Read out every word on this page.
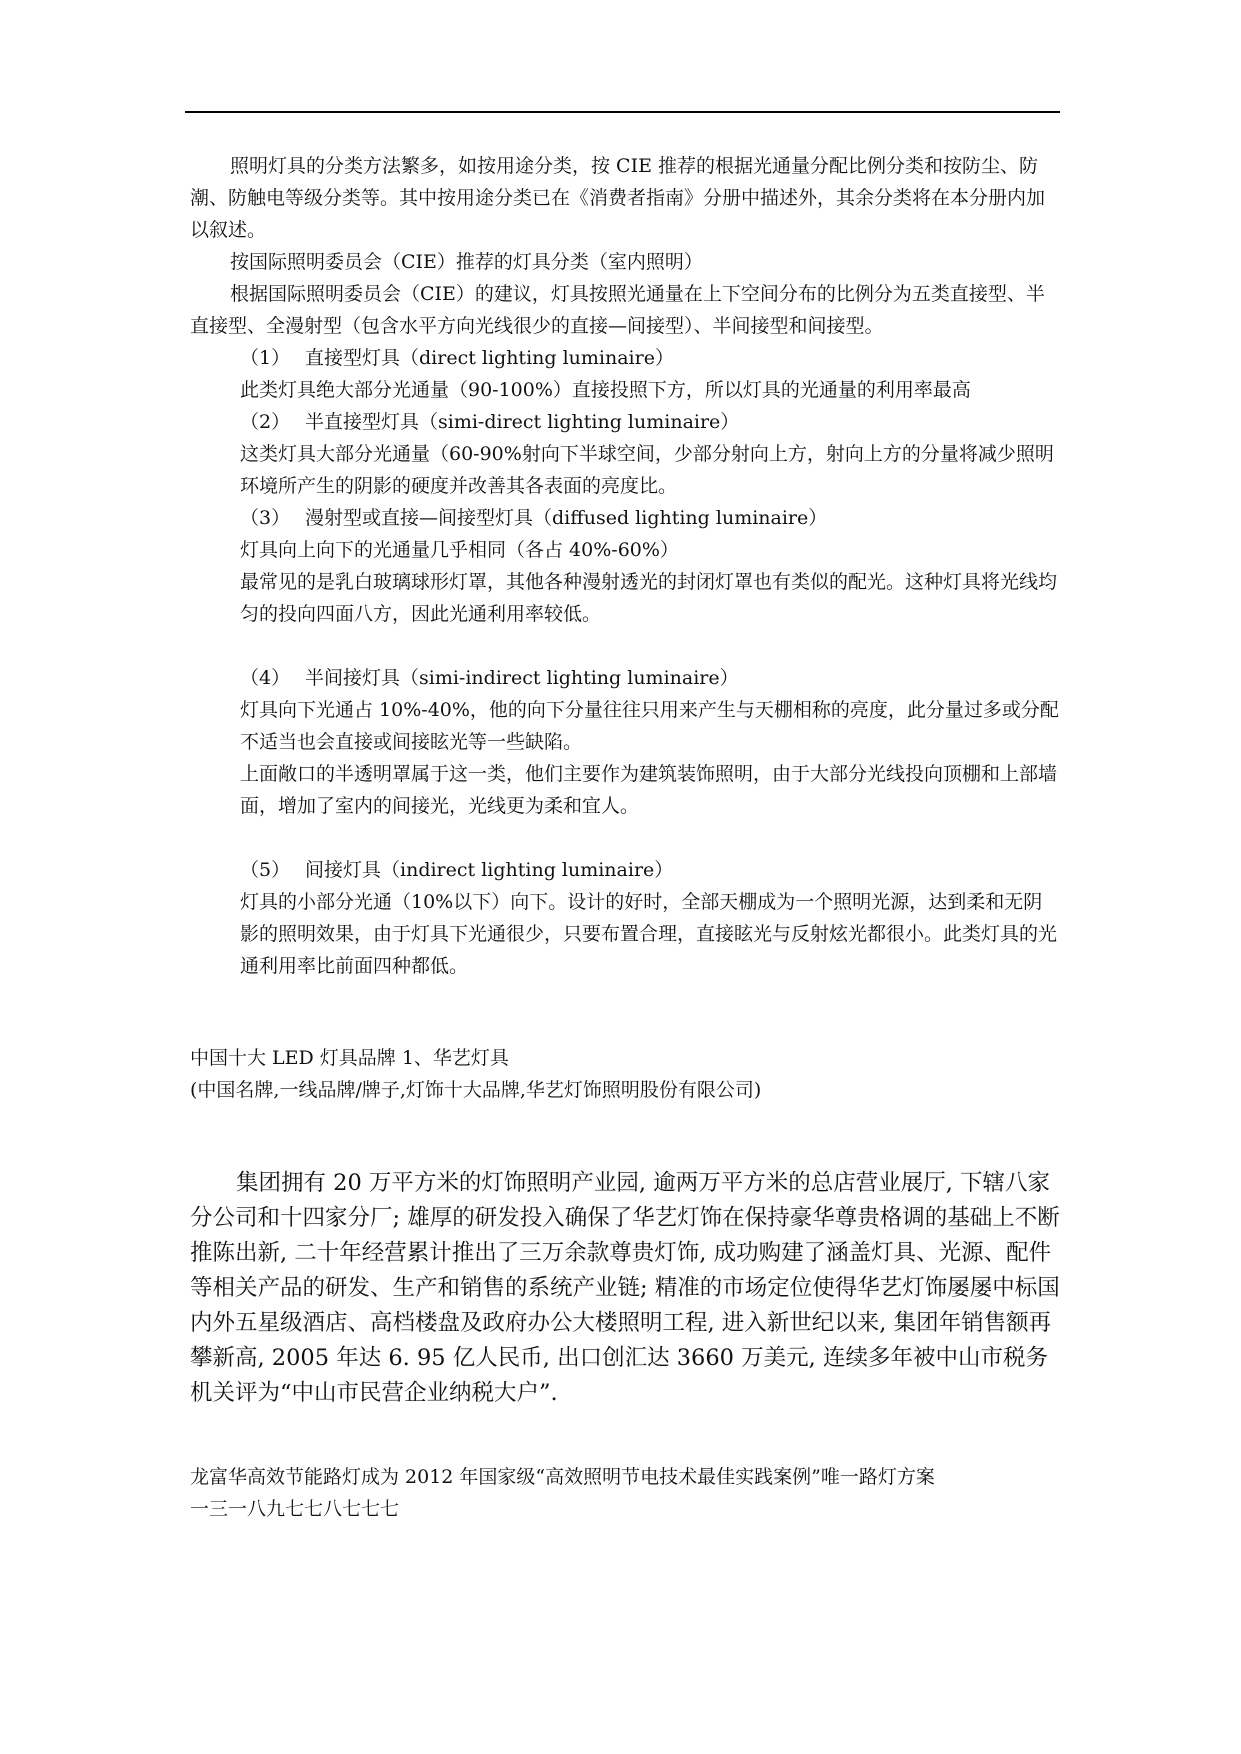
照明灯具的分类方法繁多，如按用途分类，按 CIE 推荐的根据光通量分配比例分类和按防尘、防潮、防触电等级分类等。其中按用途分类已在《消费者指南》分册中描述外，其余分类将在本分册内加以叙述。

按国际照明委员会（CIE）推荐的灯具分类（室内照明）

根据国际照明委员会（CIE）的建议，灯具按照光通量在上下空间分布的比例分为五类直接型、半直接型、全漫射型（包含水平方向光线很少的直接—间接型）、半间接型和间接型。

（1） 直接型灯具（direct lighting luminaire）

此类灯具绝大部分光通量（90-100%）直接投照下方，所以灯具的光通量的利用率最高

（2） 半直接型灯具（simi-direct lighting luminaire）

这类灯具大部分光通量（60-90%射向下半球空间，少部分射向上方，射向上方的分量将减少照明环境所产生的阴影的硬度并改善其各表面的亮度比。

（3） 漫射型或直接—间接型灯具（diffused lighting luminaire）

灯具向上向下的光通量几乎相同（各占 40%-60%）

最常见的是乳白玻璃球形灯罩，其他各种漫射透光的封闭灯罩也有类似的配光。这种灯具将光线均匀的投向四面八方，因此光通利用率较低。

（4） 半间接灯具（simi-indirect lighting luminaire）

灯具向下光通占 10%-40%，他的向下分量往往只用来产生与天棚相称的亮度，此分量过多或分配不适当也会直接或间接眩光等一些缺陷。

上面敞口的半透明罩属于这一类，他们主要作为建筑装饰照明，由于大部分光线投向顶棚和上部墙面，增加了室内的间接光，光线更为柔和宜人。

（5） 间接灯具（indirect lighting luminaire）

灯具的小部分光通（10%以下）向下。设计的好时，全部天棚成为一个照明光源，达到柔和无阴影的照明效果，由于灯具下光通很少，只要布置合理，直接眩光与反射炫光都很小。此类灯具的光通利用率比前面四种都低。

中国十大 LED 灯具品牌 1、华艺灯具

(中国名牌,一线品牌/牌子,灯饰十大品牌,华艺灯饰照明股份有限公司)

集团拥有 20 万平方米的灯饰照明产业园, 逾两万平方米的总店营业展厅, 下辖八家分公司和十四家分厂; 雄厚的研发投入确保了华艺灯饰在保持豪华尊贵格调的基础上不断推陈出新, 二十年经营累计推出了三万余款尊贵灯饰, 成功购建了涵盖灯具、光源、配件等相关产品的研发、生产和销售的系统产业链; 精准的市场定位使得华艺灯饰屡屡中标国内外五星级酒店、高档楼盘及政府办公大楼照明工程, 进入新世纪以来, 集团年销售额再攀新高, 2005 年达 6. 95 亿人民币, 出口创汇达 3660 万美元, 连续多年被中山市税务机关评为“中山市民营企业纳税大户”.

龙富华高效节能路灯成为 2012 年国家级“高效照明节电技术最佳实践案例”唯一路灯方案

一三一八九七七八七七七
